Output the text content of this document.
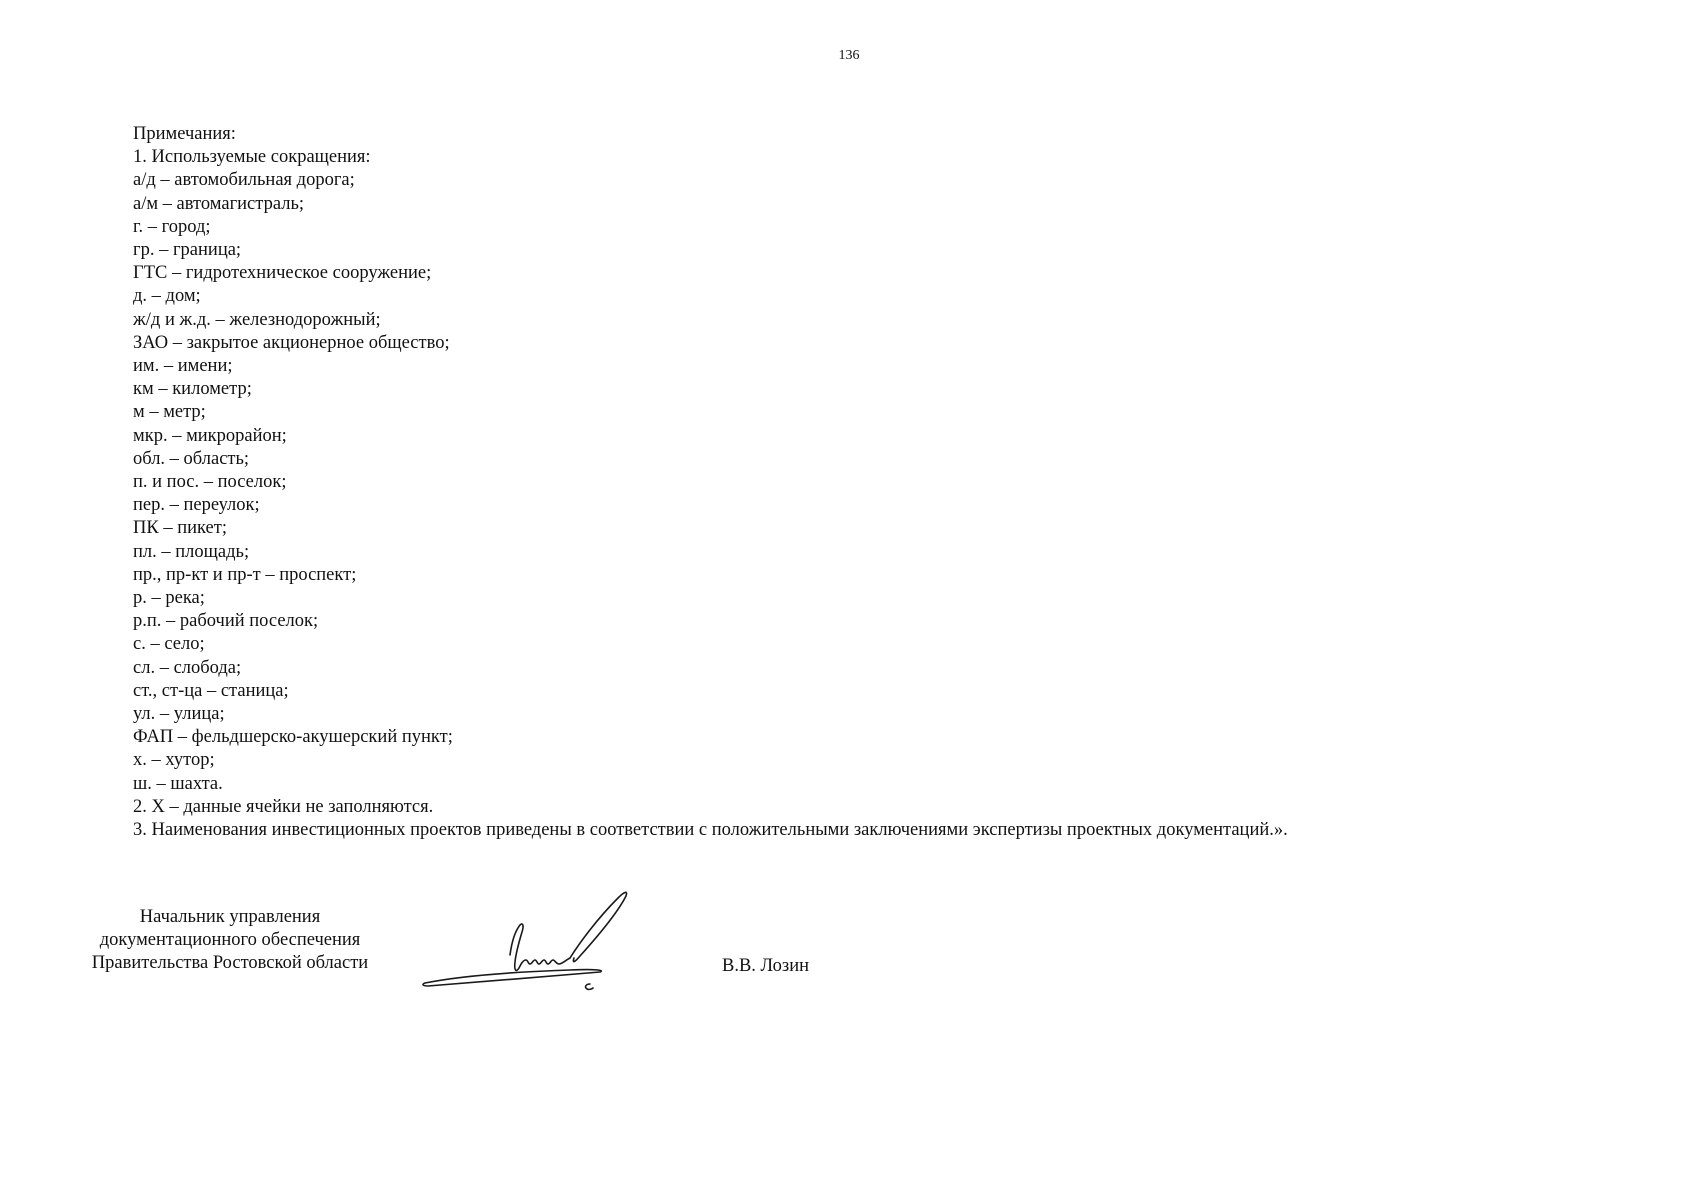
136
Примечания:
1. Используемые сокращения:
а/д – автомобильная дорога;
а/м – автомагистраль;
г. – город;
гр. – граница;
ГТС – гидротехническое сооружение;
д. – дом;
ж/д и ж.д. – железнодорожный;
ЗАО – закрытое акционерное общество;
им. – имени;
км – километр;
м – метр;
мкр. – микрорайон;
обл. – область;
п. и пос. – поселок;
пер. – переулок;
ПК – пикет;
пл. – площадь;
пр., пр-кт и пр-т – проспект;
р. – река;
р.п. – рабочий поселок;
с. – село;
сл. – слобода;
ст., ст-ца – станица;
ул. – улица;
ФАП – фельдшерско-акушерский пункт;
х. – хутор;
ш. – шахта.
2. Х – данные ячейки не заполняются.
3. Наименования инвестиционных проектов приведены в соответствии с положительными заключениями экспертизы проектных документаций.».
Начальник управления
документационного обеспечения
Правительства Ростовской области	В.В. Лозин
